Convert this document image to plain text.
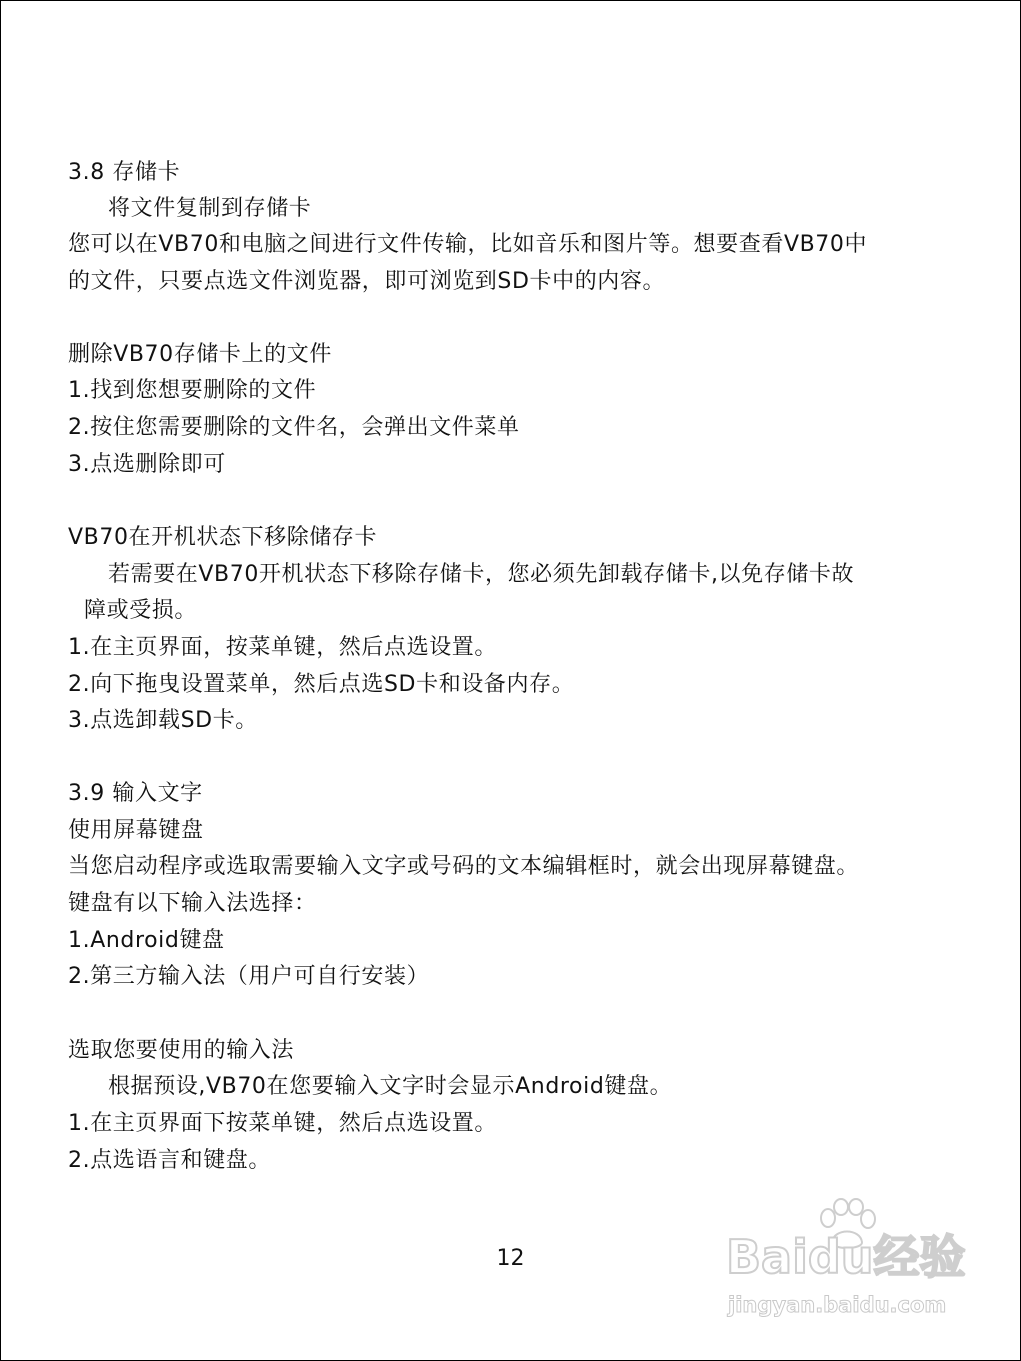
3.8 存储卡
将文件复制到存储卡
您可以在VB70和电脑之间进行文件传输，比如音乐和图片等。想要查看VB70中
的文件，只要点选文件浏览器，即可浏览到SD卡中的内容。
删除VB70存储卡上的文件
1.找到您想要删除的文件
2.按住您需要删除的文件名，会弹出文件菜单
3.点选删除即可
VB70在开机状态下移除储存卡
若需要在VB70开机状态下移除存储卡，您必须先卸载存储卡,以免存储卡故
障或受损。
1.在主页界面，按菜单键，然后点选设置。
2.向下拖曳设置菜单，然后点选SD卡和设备内存。
3.点选卸载SD卡。
3.9 输入文字
使用屏幕键盘
当您启动程序或选取需要输入文字或号码的文本编辑框时，就会出现屏幕键盘。
键盘有以下输入法选择：
1.Android键盘
2.第三方输入法（用户可自行安装）
选取您要使用的输入法
根据预设,VB70在您要输入文字时会显示Android键盘。
1.在主页界面下按菜单键，然后点选设置。
2.点选语言和键盘。
12	Baidu经验
jingyan.baidu.com
